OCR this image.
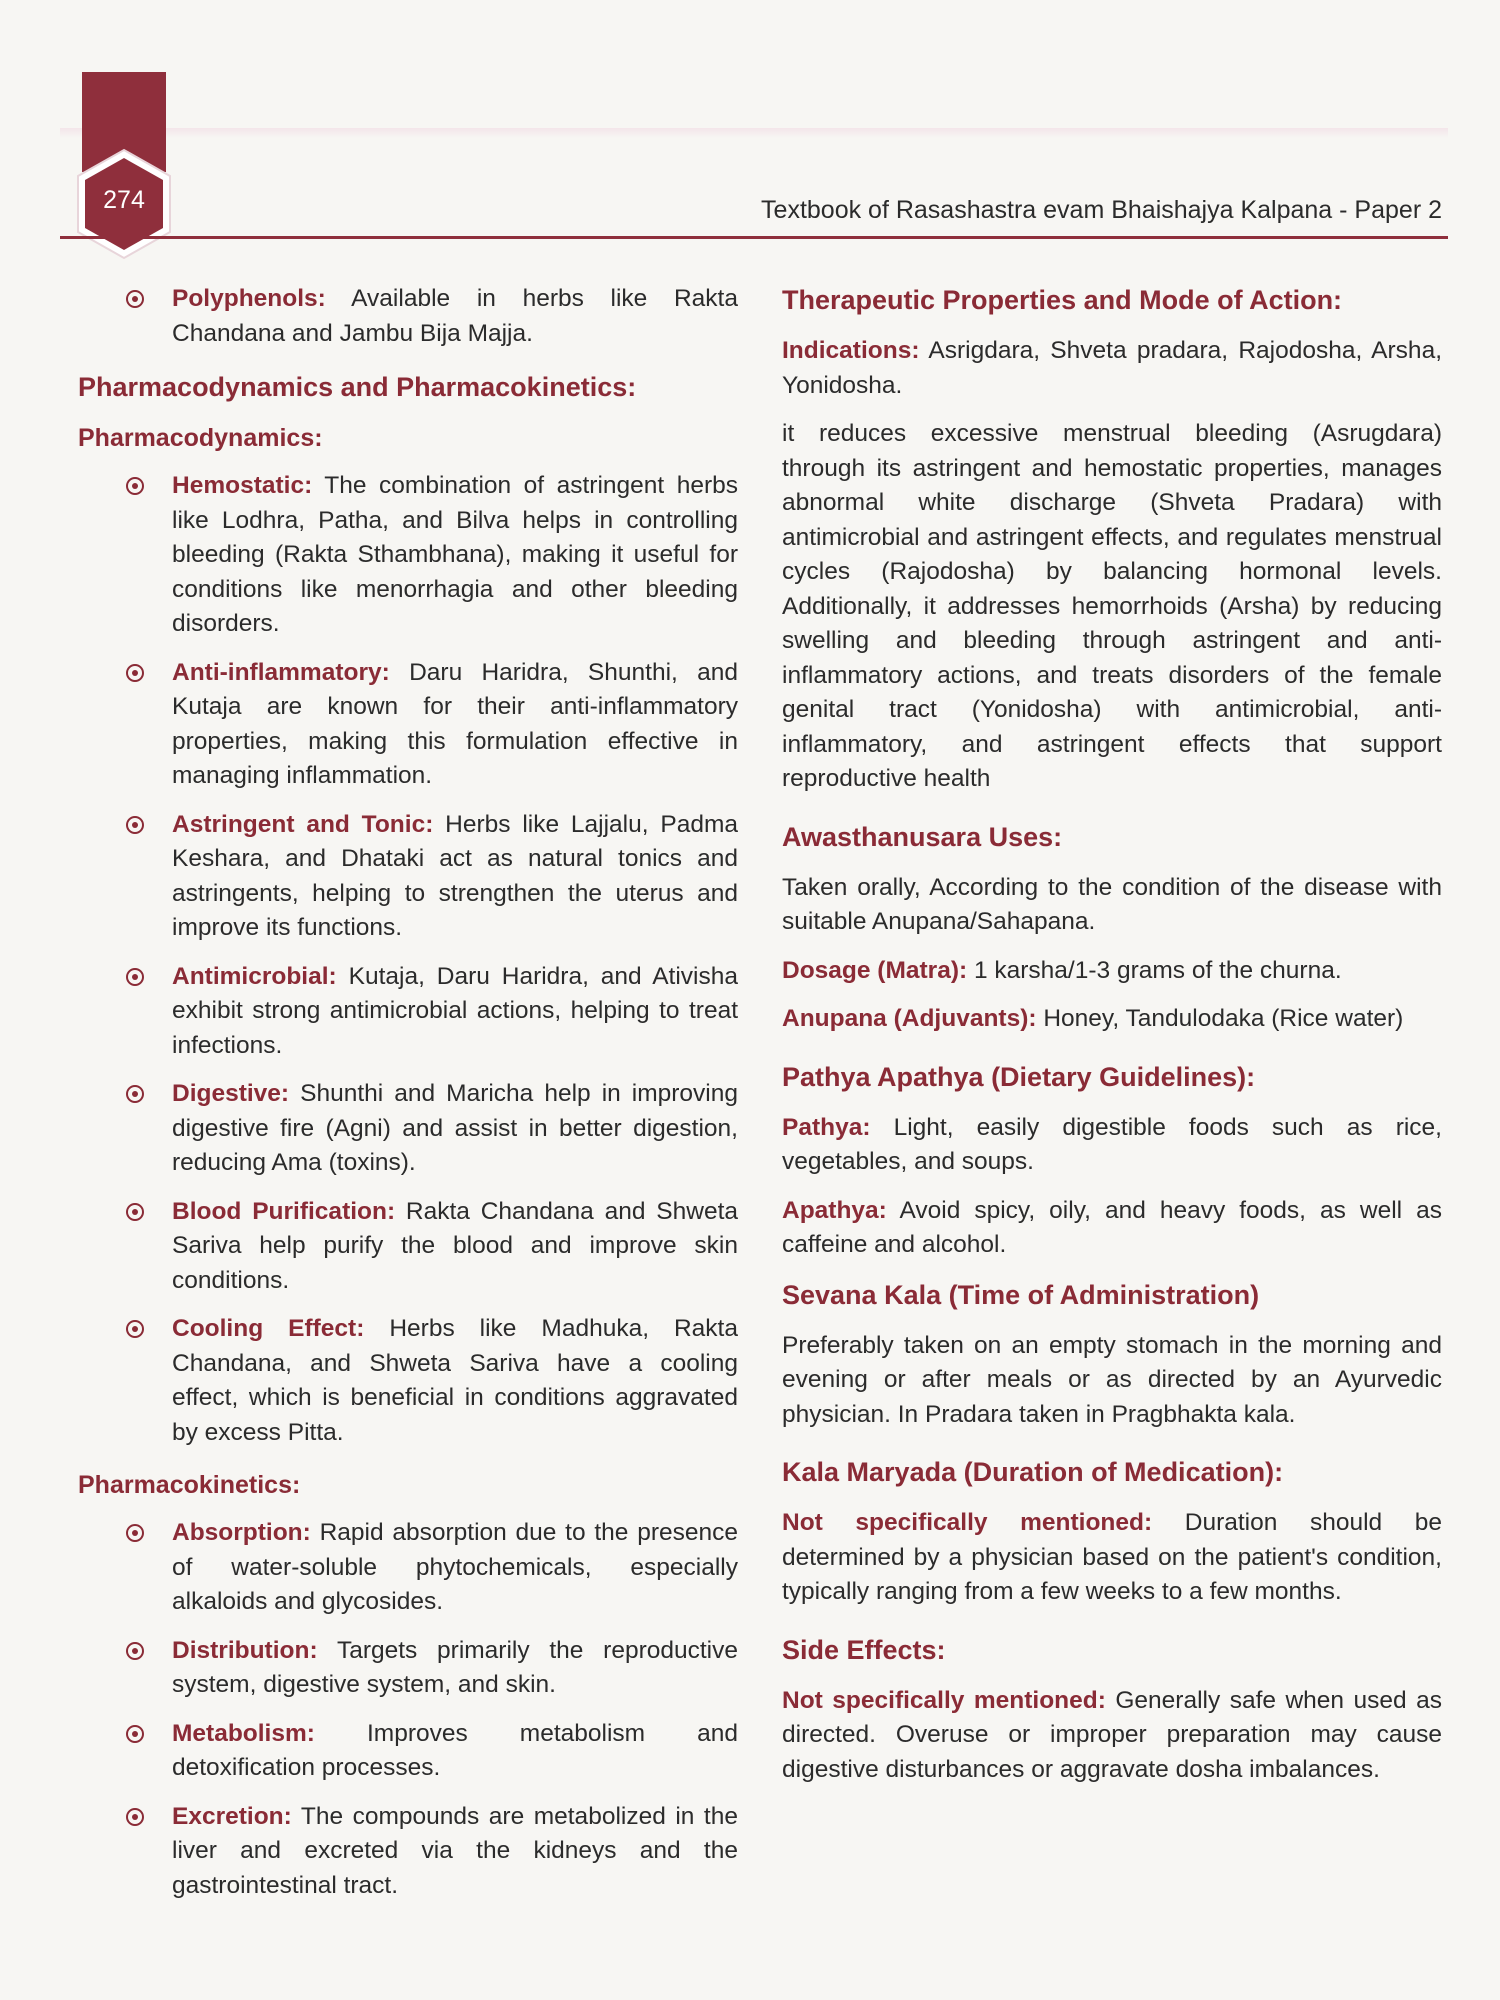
274	Textbook of Rasashastra evam Bhaishajya Kalpana - Paper 2
Polyphenols: Available in herbs like Rakta Chandana and Jambu Bija Majja.
Pharmacodynamics and Pharmacokinetics:
Pharmacodynamics:
Hemostatic: The combination of astringent herbs like Lodhra, Patha, and Bilva helps in controlling bleeding (Rakta Sthambhana), making it useful for conditions like menorrhagia and other bleeding disorders.
Anti-inflammatory: Daru Haridra, Shunthi, and Kutaja are known for their anti-inflammatory properties, making this formulation effective in managing inflammation.
Astringent and Tonic: Herbs like Lajjalu, Padma Keshara, and Dhataki act as natural tonics and astringents, helping to strengthen the uterus and improve its functions.
Antimicrobial: Kutaja, Daru Haridra, and Ativisha exhibit strong antimicrobial actions, helping to treat infections.
Digestive: Shunthi and Maricha help in improving digestive fire (Agni) and assist in better digestion, reducing Ama (toxins).
Blood Purification: Rakta Chandana and Shweta Sariva help purify the blood and improve skin conditions.
Cooling Effect: Herbs like Madhuka, Rakta Chandana, and Shweta Sariva have a cooling effect, which is beneficial in conditions aggravated by excess Pitta.
Pharmacokinetics:
Absorption: Rapid absorption due to the presence of water-soluble phytochemicals, especially alkaloids and glycosides.
Distribution: Targets primarily the reproductive system, digestive system, and skin.
Metabolism: Improves metabolism and detoxification processes.
Excretion: The compounds are metabolized in the liver and excreted via the kidneys and the gastrointestinal tract.
Therapeutic Properties and Mode of Action:

Indications: Asrigdara, Shveta pradara, Rajodosha, Arsha, Yonidosha.

it reduces excessive menstrual bleeding (Asrugdara) through its astringent and hemostatic properties, manages abnormal white discharge (Shveta Pradara) with antimicrobial and astringent effects, and regulates menstrual cycles (Rajodosha) by balancing hormonal levels. Additionally, it addresses hemorrhoids (Arsha) by reducing swelling and bleeding through astringent and anti-inflammatory actions, and treats disorders of the female genital tract (Yonidosha) with antimicrobial, anti-inflammatory, and astringent effects that support reproductive health

Awasthanusara Uses:

Taken orally, According to the condition of the disease with suitable Anupana/Sahapana.

Dosage (Matra): 1 karsha/1-3 grams of the churna.

Anupana (Adjuvants): Honey, Tandulodaka (Rice water)

Pathya Apathya (Dietary Guidelines):

Pathya: Light, easily digestible foods such as rice, vegetables, and soups.

Apathya: Avoid spicy, oily, and heavy foods, as well as caffeine and alcohol.

Sevana Kala (Time of Administration)

Preferably taken on an empty stomach in the morning and evening or after meals or as directed by an Ayurvedic physician. In Pradara taken in Pragbhakta kala.

Kala Maryada (Duration of Medication):

Not specifically mentioned: Duration should be determined by a physician based on the patient's condition, typically ranging from a few weeks to a few months.

Side Effects:

Not specifically mentioned: Generally safe when used as directed. Overuse or improper preparation may cause digestive disturbances or aggravate dosha imbalances.
